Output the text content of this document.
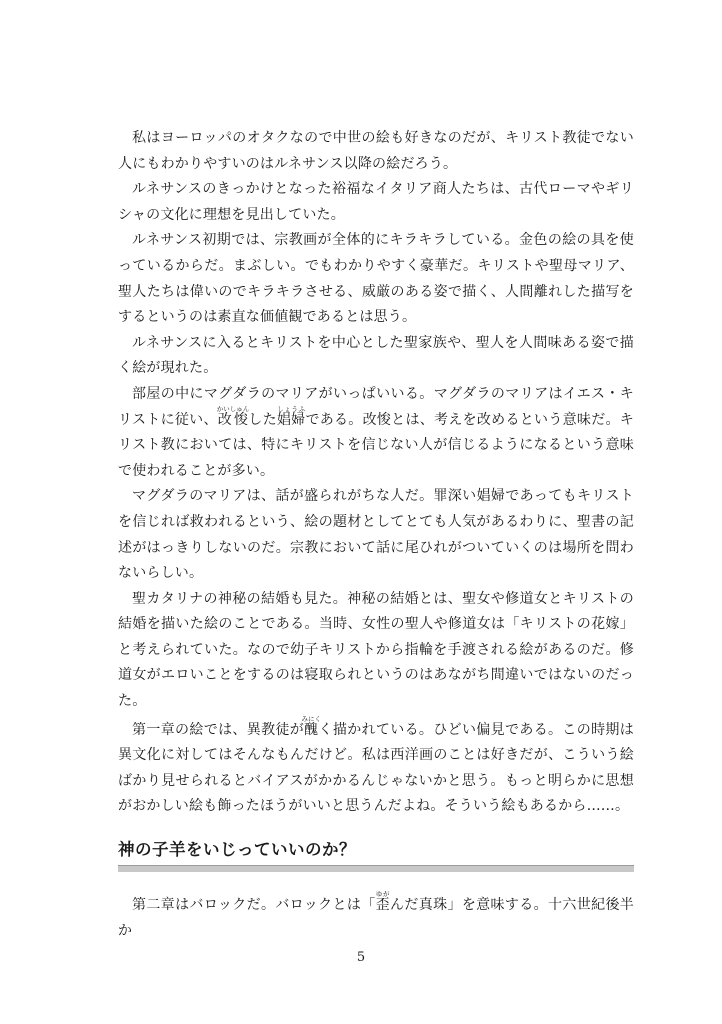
私はヨーロッパのオタクなので中世の絵も好きなのだが、キリスト教徒でない人にもわかりやすいのはルネサンス以降の絵だろう。

ルネサンスのきっかけとなった裕福なイタリア商人たちは、古代ローマやギリシャの文化に理想を見出していた。

ルネサンス初期では、宗教画が全体的にキラキラしている。金色の絵の具を使っているからだ。まぶしい。でもわかりやすく豪華だ。キリストや聖母マリア、聖人たちは偉いのでキラキラさせる、威厳のある姿で描く、人間離れした描写をするというのは素直な価値観であるとは思う。

ルネサンスに入るとキリストを中心とした聖家族や、聖人を人間味ある姿で描く絵が現れた。

部屋の中にマグダラのマリアがいっぱいいる。マグダラのマリアはイエス・キリストに従い、改悛かいしゅんした娼婦しょうふである。改悛とは、考えを改めるという意味だ。キリスト教においては、特にキリストを信じない人が信じるようになるという意味で使われることが多い。

マグダラのマリアは、話が盛られがちな人だ。罪深い娼婦であってもキリストを信じれば救われるという、絵の題材としてとても人気があるわりに、聖書の記述がはっきりしないのだ。宗教において話に尾ひれがついていくのは場所を問わないらしい。

聖カタリナの神秘の結婚も見た。神秘の結婚とは、聖女や修道女とキリストの結婚を描いた絵のことである。当時、女性の聖人や修道女は「キリストの花嫁」と考えられていた。なので幼子キリストから指輪を手渡される絵があるのだ。修道女がエロいことをするのは寝取られというのはあながち間違いではないのだった。

第一章の絵では、異教徒が醜みにくく描かれている。ひどい偏見である。この時期は異文化に対してはそんなもんだけど。私は西洋画のことは好きだが、こういう絵ばかり見せられるとバイアスがかかるんじゃないかと思う。もっと明らかに思想がおかしい絵も飾ったほうがいいと思うんだよね。そういう絵もあるから……。

神の子羊をいじっていいのか？

第二章はバロックだ。バロックとは「歪ゆがんだ真珠」を意味する。十六世紀後半か

5
